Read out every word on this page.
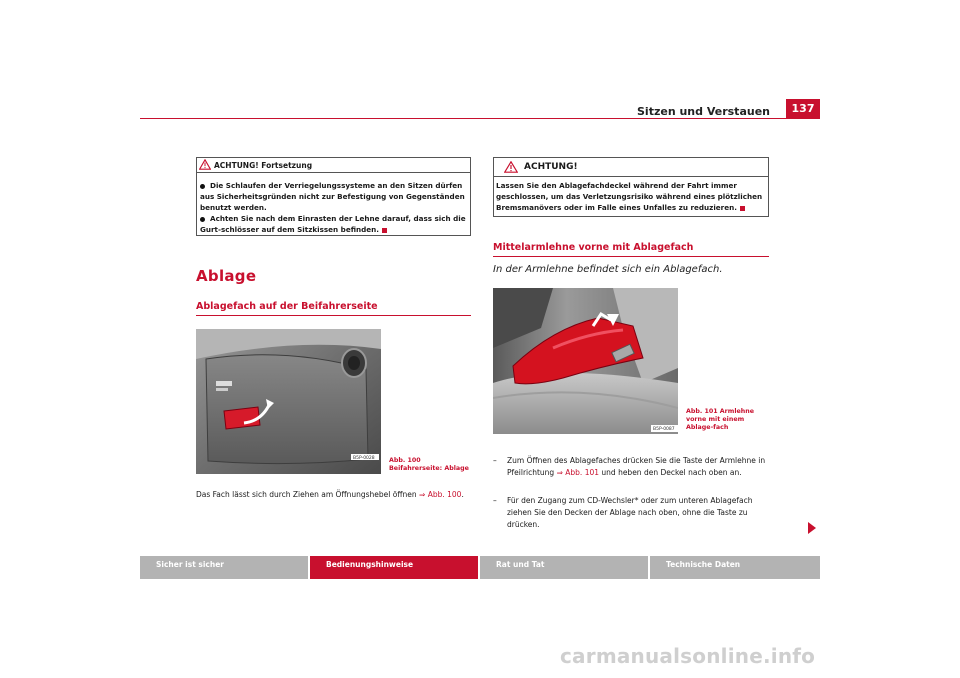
Sitzen und Verstauen	137
ACHTUNG! Fortsetzung
Die Schlaufen der Verriegelungssysteme an den Sitzen dürfen aus Sicherheitsgründen nicht zur Befestigung von Gegenständen benutzt werden.
Achten Sie nach dem Einrasten der Lehne darauf, dass sich die Gurt-schlösser auf dem Sitzkissen befinden.
Ablage
Ablagefach auf der Beifahrerseite
B5P-0028 Abb. 100 Beifahrerseite: Ablage
Das Fach lässt sich durch Ziehen am Öffnungshebel öffnen ⇒ Abb. 100.
ACHTUNG!
Lassen Sie den Ablagefachdeckel während der Fahrt immer geschlossen, um das Verletzungsrisiko während eines plötzlichen Bremsmanövers oder im Falle eines Unfalles zu reduzieren.
Mittelarmlehne vorne mit Ablagefach
In der Armlehne befindet sich ein Ablagefach.
B5P-0087
Abb. 101 Armlehne vorne mit einem Ablage-fach
– Zum Öffnen des Ablagefaches drücken Sie die Taste der Armlehne in Pfeilrichtung ⇒ Abb. 101 und heben den Deckel nach oben an.
– Für den Zugang zum CD-Wechsler* oder zum unteren Ablagefach ziehen Sie den Decken der Ablage nach oben, ohne die Taste zu drücken.
Sicher ist sicher	Bedienungshinweise	Rat und Tat	Technische Daten
carmanualsonline.info
